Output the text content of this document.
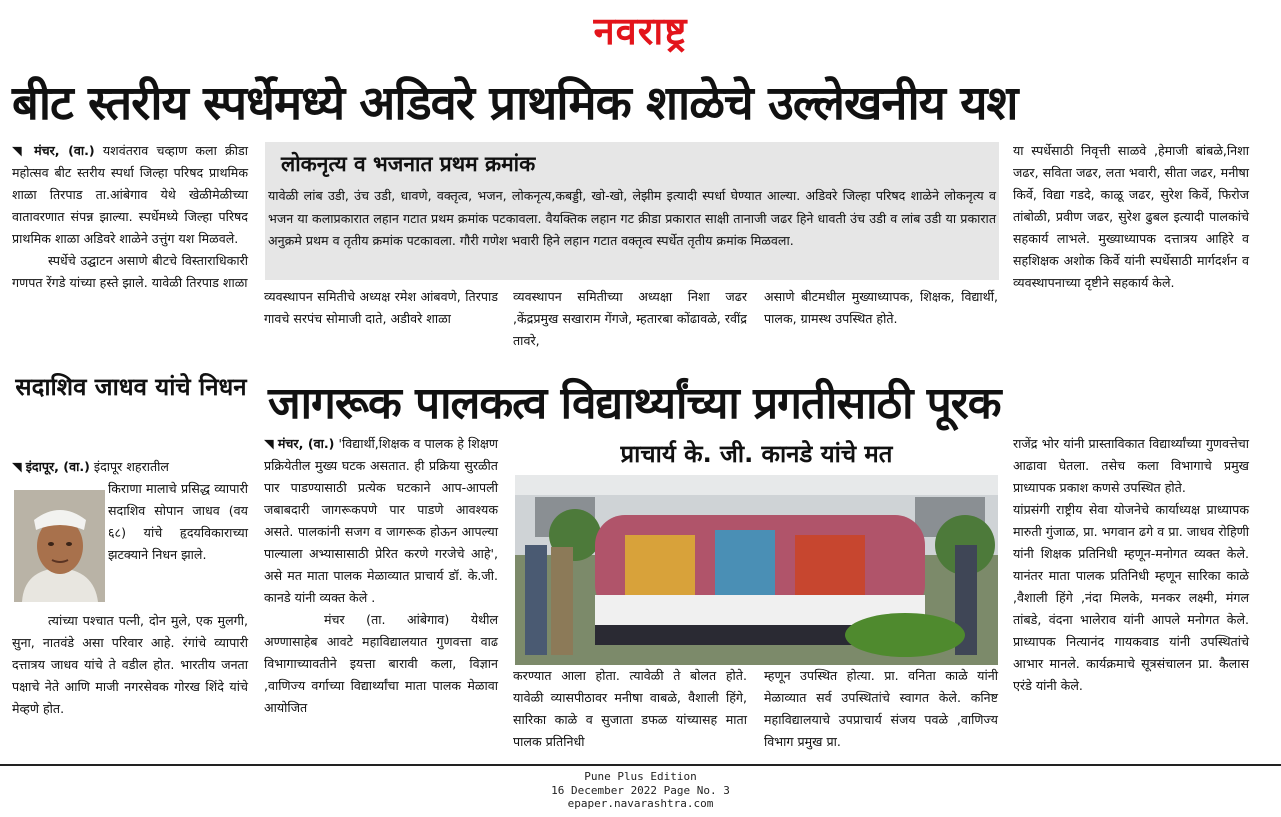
नवराष्ट्र
बीट स्तरीय स्पर्धेमध्ये अडिवरे प्राथमिक शाळेचे उल्लेखनीय यश

◥ मंचर, (वा.) यशवंतराव चव्हाण कला क्रीडा महोत्सव बीट स्तरीय स्पर्धा जिल्हा परिषद प्राथमिक शाळा तिरपाड ता.आंबेगाव येथे खेळीमेळीच्या वातावरणात संपन्न झाल्या. स्पर्धेमध्ये जिल्हा परिषद प्राथमिक शाळा अडिवरे शाळेने उत्तुंग यश मिळवले.

स्पर्धेचे उद्घाटन असाणे बीटचे विस्ताराधिकारी गणपत रेंगडे यांच्या हस्ते झाले. यावेळी तिरपाड शाळा

लोकनृत्य व भजनात प्रथम क्रमांक
यावेळी लांब उडी, उंच उडी, धावणे, वक्तृत्व, भजन, लोकनृत्य,कबड्डी, खो-खो, लेझीम इत्यादी स्पर्धा घेण्यात आल्या. अडिवरे जिल्हा परिषद शाळेने लोकनृत्य व भजन या कलाप्रकारात लहान गटात प्रथम क्रमांक पटकावला. वैयक्तिक लहान गट क्रीडा प्रकारात साक्षी तानाजी जढर हिने धावती उंच उडी व लांब उडी या प्रकारात अनुक्रमे प्रथम व तृतीय क्रमांक पटकावला. गौरी गणेश भवारी हिने लहान गटात वक्तृत्व स्पर्धेत तृतीय क्रमांक मिळवला.
व्यवस्थापन समितीचे अध्यक्ष रमेश आंबवणे, तिरपाड गावचे सरपंच सोमाजी दाते, अडीवरे शाळा
व्यवस्थापन समितीच्या अध्यक्षा निशा जढर ,केंद्रप्रमुख सखाराम गेंगजे, म्हतारबा कोंढावळे, रवींद्र तावरे,
असाणे बीटमधील मुख्याध्यापक, शिक्षक, विद्यार्थी, पालक, ग्रामस्थ उपस्थित होते.
या स्पर्धेसाठी निवृत्ती साळवे ,हेमाजी बांबळे,निशा जढर, सविता जढर, लता भवारी, सीता जढर, मनीषा किर्वे, विद्या गडदे, काळू जढर, सुरेश किर्वे, फिरोज तांबोळी, प्रवीण जढर, सुरेश ढुबल इत्यादी पालकांचे सहकार्य लाभले. मुख्याध्यापक दत्तात्रय आहिरे व सहशिक्षक अशोक किर्वे यांनी स्पर्धेसाठी मार्गदर्शन व व्यवस्थापनाच्या दृष्टीने सहकार्य केले.
सदाशिव जाधव यांचे निधन
◥ इंदापूर, (वा.) इंदापूर शहरातील
किराणा मालाचे प्रसिद्ध व्यापारी सदाशिव सोपान जाधव (वय ६८) यांचे हृदयविकाराच्या झटक्याने निधन झाले.
त्यांच्या पश्चात पत्नी, दोन मुले, एक मुलगी, सुना, नातवंडे असा परिवार आहे. रंगांचे व्यापारी दत्तात्रय जाधव यांचे ते वडील होत. भारतीय जनता पक्षाचे नेते आणि माजी नगरसेवक गोरख शिंदे यांचे मेव्हणे होत.
जागरूक पालकत्व विद्यार्थ्यांच्या प्रगतीसाठी पूरक
प्राचार्य के. जी. कानडे यांचे मत

◥ मंचर, (वा.) 'विद्यार्थी,शिक्षक व पालक हे शिक्षण प्रक्रियेतील मुख्य घटक असतात. ही प्रक्रिया सुरळीत पार पाडण्यासाठी प्रत्येक घटकाने आप-आपली जबाबदारी जागरूकपणे पार पाडणे आवश्यक असते. पालकांनी सजग व जागरूक होऊन आपल्या पाल्याला अभ्यासासाठी प्रेरित करणे गरजेचे आहे', असे मत माता पालक मेळाव्यात प्राचार्य डॉ. के.जी. कानडे यांनी व्यक्त केले .

मंचर (ता. आंबेगाव) येथील अण्णासाहेब आवटे महाविद्यालयात गुणवत्ता वाढ विभागाच्यावतीने इयत्ता बारावी कला, विज्ञान ,वाणिज्य वर्गाच्या विद्यार्थ्यांचा माता पालक मेळावा आयोजित

करण्यात आला होता. त्यावेळी ते बोलत होते. यावेळी व्यासपीठावर मनीषा वाबळे, वैशाली हिंगे, सारिका काळे व सुजाता डफळ यांच्यासह माता पालक प्रतिनिधी
म्हणून उपस्थित होत्या. प्रा. वनिता काळे यांनी मेळाव्यात सर्व उपस्थितांचे स्वागत केले. कनिष्ट महाविद्यालयाचे उपप्राचार्य संजय पवळे ,वाणिज्य विभाग प्रमुख प्रा.

राजेंद्र भोर यांनी प्रास्ताविकात विद्यार्थ्यांच्या गुणवत्तेचा आढावा घेतला. तसेच कला विभागाचे प्रमुख प्राध्यापक प्रकाश कणसे उपस्थित होते.

यांप्रसंगी राष्ट्रीय सेवा योजनेचे कार्याध्यक्ष प्राध्यापक मारुती गुंजाळ, प्रा. भगवान ढगे व प्रा. जाधव रोहिणी यांनी शिक्षक प्रतिनिधी म्हणून-मनोगत व्यक्त केले. यानंतर माता पालक प्रतिनिधी म्हणून सारिका काळे ,वैशाली हिंगे ,नंदा मिलके, मनकर लक्ष्मी, मंगल तांबडे, वंदना भालेराव यांनी आपले मनोगत केले. प्राध्यापक नित्यानंद गायकवाड यांनी उपस्थितांचे आभार मानले. कार्यक्रमाचे सूत्रसंचालन प्रा. कैलास एरंडे यांनी केले.

Pune Plus Edition
16 December 2022 Page No. 3
epaper.navarashtra.com
